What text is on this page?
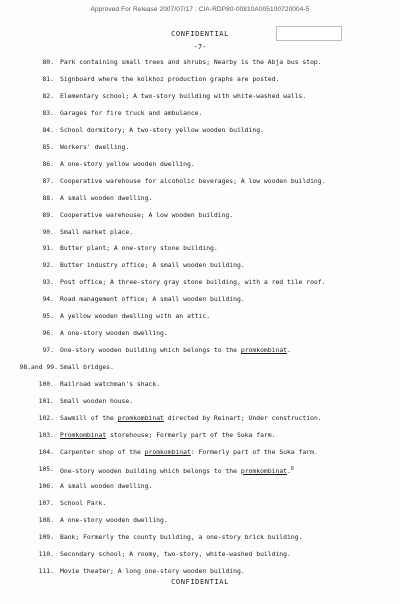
Approved For Release 2007/07/17 : CIA-RDP80-00810A005100720004-5
CONFIDENTIAL
-7-
80. Park containing small trees and shrubs; Nearby is the Abja bus stop.
81. Signboard where the kolkhoz production graphs are posted.
82. Elementary school; A two-story building with white-washed walls.
83. Garages for fire truck and ambulance.
84. School dormitory; A two-story yellow wooden building.
85. Workers' dwelling.
86. A one-story yellow wooden dwelling.
87. Cooperative warehouse for alcoholic beverages; A low wooden building.
88. A small wooden dwelling.
89. Cooperative warehouse; A low wooden building.
90. Small market place.
91. Butter plant; A one-story stone building.
92. Butter industry office; A small wooden building.
93. Post office; A three-story gray stone building, with a red tile roof.
94. Road management office; A small wooden building.
95. A yellow wooden dwelling with an attic.
96. A one-story wooden dwelling.
97. One-story wooden building which belongs to the promkombinat.
98.and 99. Small bridges.
100. Railroad watchman's shack.
101. Small wooden house.
102. Sawmill of the promkombinat directed by Reinart; Under construction.
103. Promkombinat storehouse; Formerly part of the Suka farm.
104. Carpenter shop of the promkombinat: Formerly part of the Suka farm.
105. One-story wooden building which belongs to the promkombinat.$^6$
106. A small wooden dwelling.
107. School Park.
108. A one-story wooden dwelling.
109. Bank; Formerly the county building, a one-story brick building.
110. Secondary school; A roomy, two-story, white-washed building.
111. Movie theater; A long one-story wooden building.
CONFIDENTIAL
